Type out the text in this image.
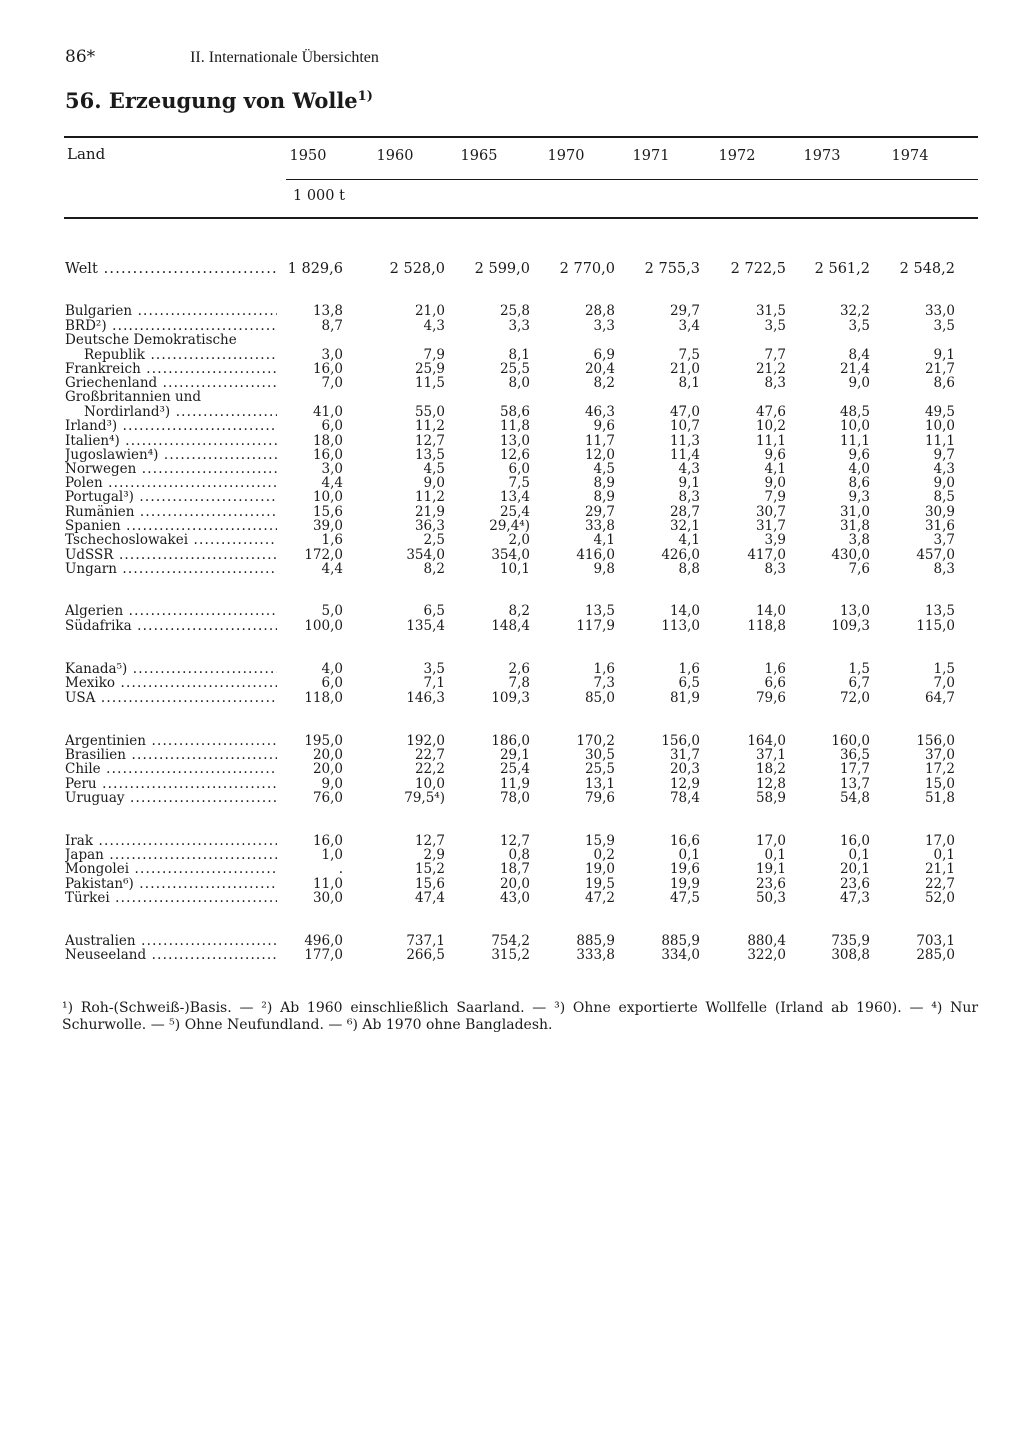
86*	II. Internationale Übersichten
56. Erzeugung von Wolle$^{1)}$
Land	1950	1960	1965	1970	1971	1972	1973	1974
1 000 t
Welt .....	1 829,6	2 528,0	2 599,0	2 770,0	2 755,3	2 722,5	2 561,2	2 548,2
Bulgarien .....	13,8	21,0	25,8	28,8	29,7	31,5	32,2	33,0
BRD²) .....	8,7	4,3	3,3	3,3	3,4	3,5	3,5	3,5
Deutsche Demokratische
Republik .....	3,0	7,9	8,1	6,9	7,5	7,7	8,4	9,1
Frankreich .....	16,0	25,9	25,5	20,4	21,0	21,2	21,4	21,7
Griechenland .....	7,0	11,5	8,0	8,2	8,1	8,3	9,0	8,6
Großbritannien und
Nordirland³) .....	41,0	55,0	58,6	46,3	47,0	47,6	48,5	49,5
Irland³) .....	6,0	11,2	11,8	9,6	10,7	10,2	10,0	10,0
Italien⁴) .....	18,0	12,7	13,0	11,7	11,3	11,1	11,1	11,1
Jugoslawien⁴) .....	16,0	13,5	12,6	12,0	11,4	9,6	9,6	9,7
Norwegen .....	3,0	4,5	6,0	4,5	4,3	4,1	4,0	4,3
Polen .....	4,4	9,0	7,5	8,9	9,1	9,0	8,6	9,0
Portugal³) .....	10,0	11,2	13,4	8,9	8,3	7,9	9,3	8,5
Rumänien .....	15,6	21,9	25,4	29,7	28,7	30,7	31,0	30,9
Spanien .....	39,0	36,3	29,4⁴)	33,8	32,1	31,7	31,8	31,6
Tschechoslowakei .....	1,6	2,5	2,0	4,1	4,1	3,9	3,8	3,7
UdSSR .....	172,0	354,0	354,0	416,0	426,0	417,0	430,0	457,0
Ungarn .....	4,4	8,2	10,1	9,8	8,8	8,3	7,6	8,3
Algerien .....	5,0	6,5	8,2	13,5	14,0	14,0	13,0	13,5
Südafrika .....	100,0	135,4	148,4	117,9	113,0	118,8	109,3	115,0
Kanada⁵) .....	4,0	3,5	2,6	1,6	1,6	1,6	1,5	1,5
Mexiko .....	6,0	7,1	7,8	7,3	6,5	6,6	6,7	7,0
USA .....	118,0	146,3	109,3	85,0	81,9	79,6	72,0	64,7
Argentinien .....	195,0	192,0	186,0	170,2	156,0	164,0	160,0	156,0
Brasilien .....	20,0	22,7	29,1	30,5	31,7	37,1	36,5	37,0
Chile .....	20,0	22,2	25,4	25,5	20,3	18,2	17,7	17,2
Peru .....	9,0	10,0	11,9	13,1	12,9	12,8	13,7	15,0
Uruguay .....	76,0	79,5⁴)	78,0	79,6	78,4	58,9	54,8	51,8
Irak .....	16,0	12,7	12,7	15,9	16,6	17,0	16,0	17,0
Japan .....	1,0	2,9	0,8	0,2	0,1	0,1	0,1	0,1
Mongolei .....	.	15,2	18,7	19,0	19,6	19,1	20,1	21,1
Pakistan⁶) .....	11,0	15,6	20,0	19,5	19,9	23,6	23,6	22,7
Türkei .....	30,0	47,4	43,0	47,2	47,5	50,3	47,3	52,0
Australien .....	496,0	737,1	754,2	885,9	885,9	880,4	735,9	703,1
Neuseeland .....	177,0	266,5	315,2	333,8	334,0	322,0	308,8	285,0
¹) Roh-(Schweiß-)Basis. — ²) Ab 1960 einschließlich Saarland. — ³) Ohne exportierte Wollfelle (Irland ab 1960). — ⁴) Nur Schurwolle. — ⁵) Ohne Neufundland. — ⁶) Ab 1970 ohne Bangladesh.
